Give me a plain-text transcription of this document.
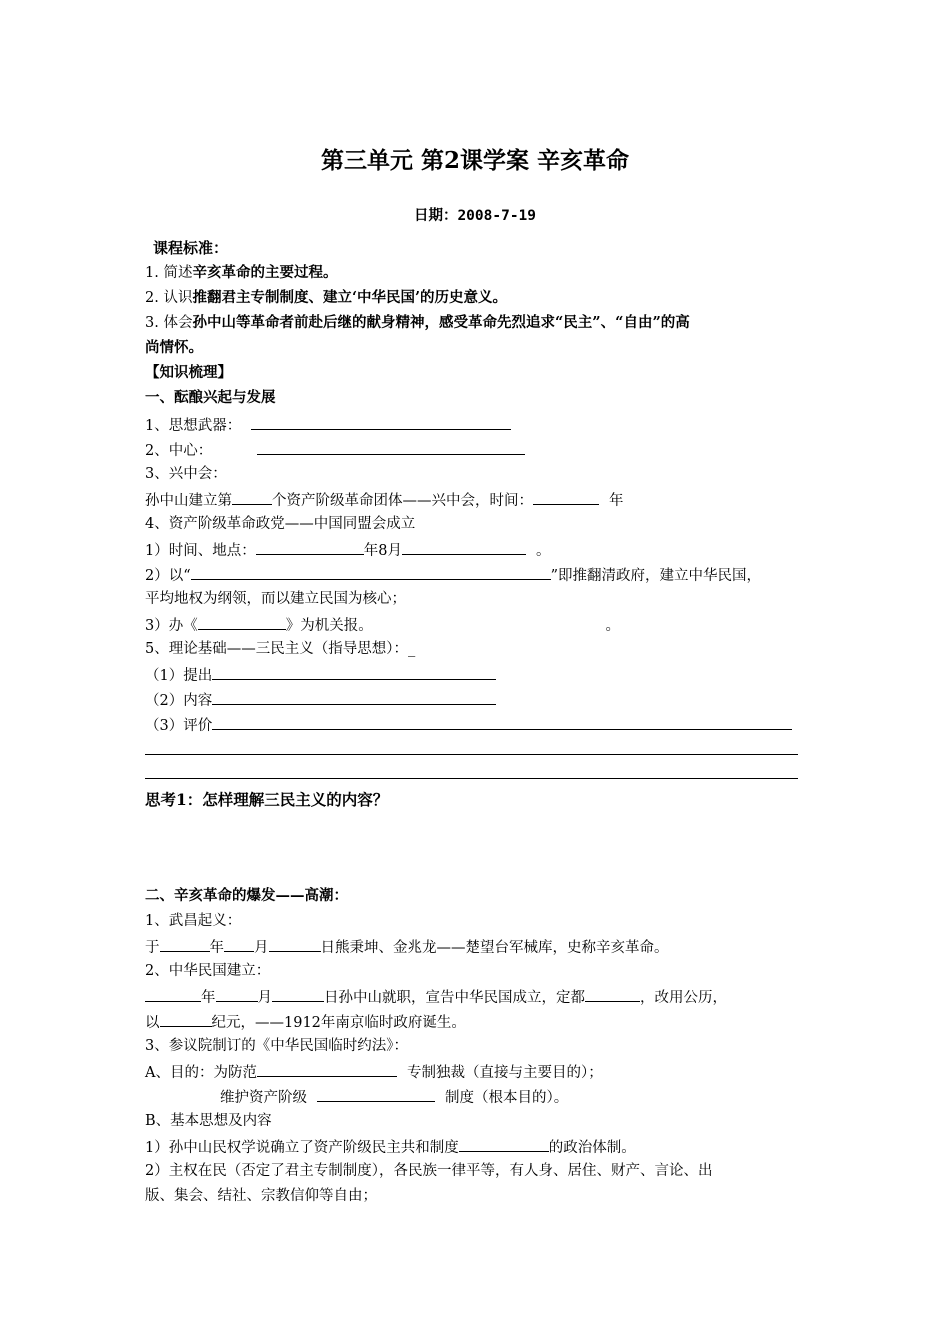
第三单元 第2课学案 辛亥革命
日期：2008-7-19
课程标准：
1. 简述辛亥革命的主要过程。
2. 认识推翻君主专制制度、建立‘中华民国’的历史意义。
3. 体会孙中山等革命者前赴后继的献身精神，感受革命先烈追求“民主”、“自由”的高
尚情怀。
【知识梳理】
一、酝酿兴起与发展
1、思想武器：
2、中心：
3、兴中会：
孙中山建立第	个资产阶级革命团体——兴中会，时间：	年
4、资产阶级革命政党——中国同盟会成立
1）时间、地点：	年8月	。
2）以“	”即推翻清政府，建立中华民国，
平均地权为纲领，而以建立民国为核心；
3）办《	》为机关报。	。
5、理论基础——三民主义（指导思想）：_
（1）提出
（2）内容
（3）评价
思考1：怎样理解三民主义的内容？
二、辛亥革命的爆发——高潮：
1、武昌起义：
于	年 月	日熊秉坤、金兆龙——楚望台军械库，史称辛亥革命。
2、中华民国建立：
年	月	日孙中山就职，宣告中华民国成立，定都	，改用公历，
以	纪元，——1912年南京临时政府诞生。
3、参议院制订的《中华民国临时约法》：
A、目的：为防范	专制独裁（直接与主要目的）；
维护资产阶级	制度（根本目的）。
B、基本思想及内容
1）孙中山民权学说确立了资产阶级民主共和制度	的政治体制。
2）主权在民（否定了君主专制制度），各民族一律平等，有人身、居住、财产、言论、出
版、集会、结社、宗教信仰等自由；
